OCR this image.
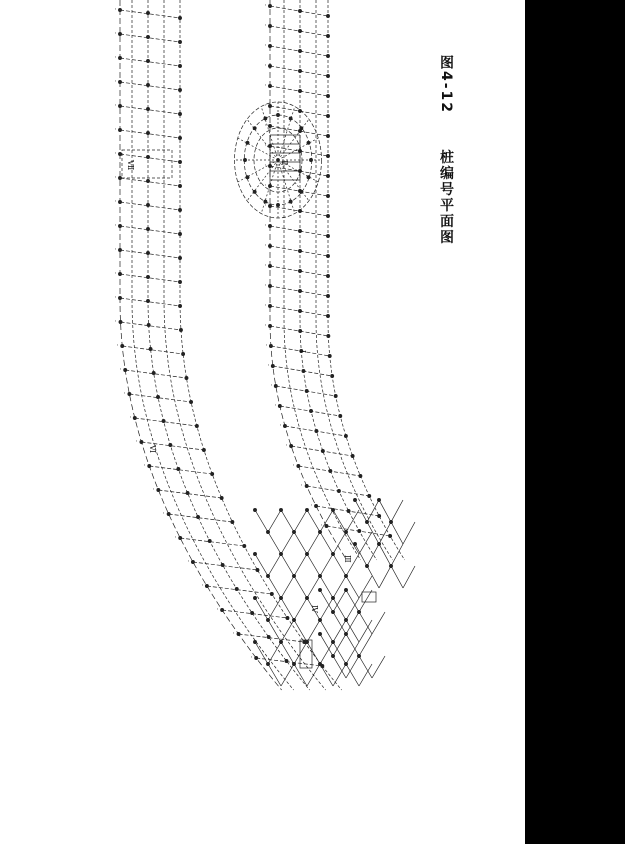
-
-
-
-
-
-
-
-
-
-
-
-
-
-
-
-
-
-
-
-
-
-
-
-
-
-
-
-
-
-
-
-
-
-
-
-
-
-
-
-
-
-
-
-
-
-
-
-
-
-
-
-
-
-
-
Ⅶ
Ⅵ
Ⅳ
Ⅲ
Ⅱ
Ⅰ
图4-12  桩编号平面图
